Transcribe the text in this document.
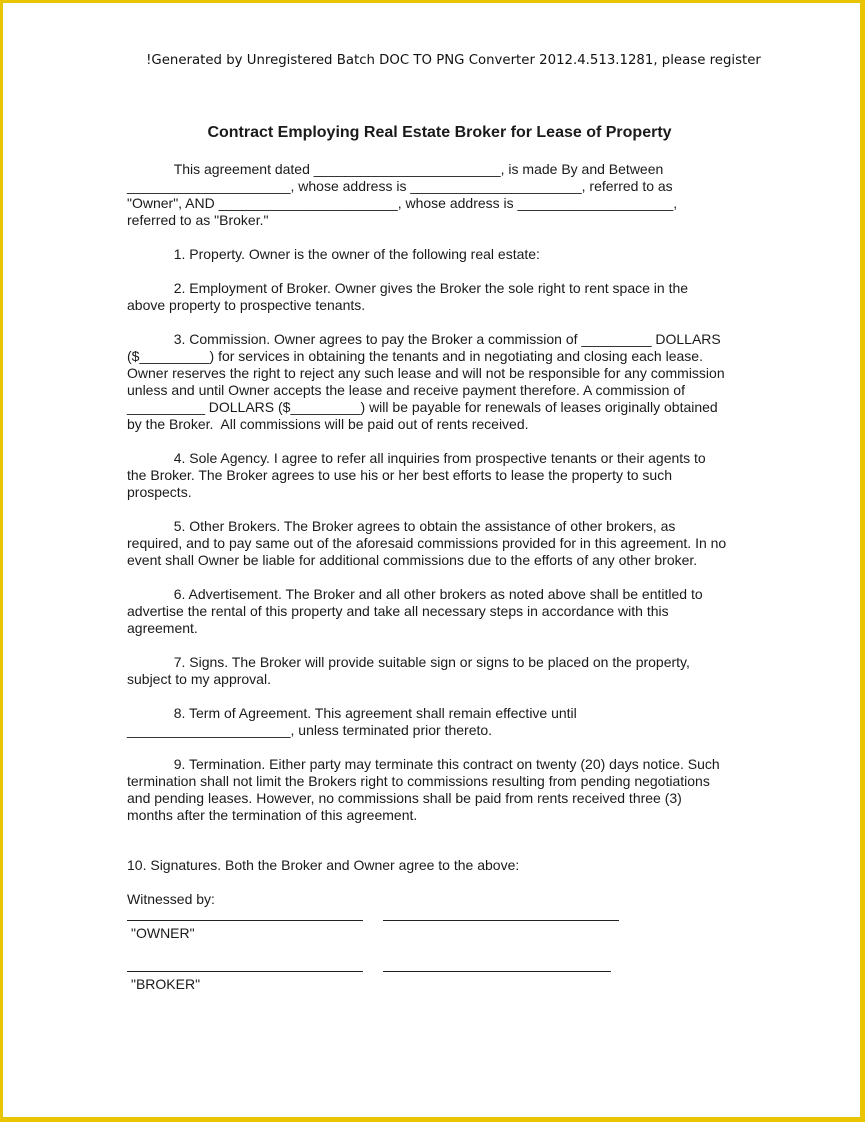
!Generated by Unregistered Batch DOC TO PNG Converter 2012.4.513.1281, please register
Contract Employing Real Estate Broker for Lease of Property

This agreement dated ________________________, is made By and Between

_____________________, whose address is ______________________, referred to as

"Owner", AND _______________________, whose address is ____________________,

referred to as "Broker."

1. Property. Owner is the owner of the following real estate:

2. Employment of Broker. Owner gives the Broker the sole right to rent space in the

above property to prospective tenants.

3. Commission. Owner agrees to pay the Broker a commission of _________ DOLLARS

($_________) for services in obtaining the tenants and in negotiating and closing each lease.

Owner reserves the right to reject any such lease and will not be responsible for any commission

unless and until Owner accepts the lease and receive payment therefore. A commission of

__________ DOLLARS ($_________) will be payable for renewals of leases originally obtained

by the Broker.  All commissions will be paid out of rents received.

4. Sole Agency. I agree to refer all inquiries from prospective tenants or their agents to

the Broker. The Broker agrees to use his or her best efforts to lease the property to such

prospects.

5. Other Brokers. The Broker agrees to obtain the assistance of other brokers, as

required, and to pay same out of the aforesaid commissions provided for in this agreement. In no

event shall Owner be liable for additional commissions due to the efforts of any other broker.

6. Advertisement. The Broker and all other brokers as noted above shall be entitled to

advertise the rental of this property and take all necessary steps in accordance with this

agreement.

7. Signs. The Broker will provide suitable sign or signs to be placed on the property,

subject to my approval.

8. Term of Agreement. This agreement shall remain effective until

_____________________, unless terminated prior thereto.

9. Termination. Either party may terminate this contract on twenty (20) days notice. Such

termination shall not limit the Brokers right to commissions resulting from pending negotiations

and pending leases. However, no commissions shall be paid from rents received three (3)

months after the termination of this agreement.

10. Signatures. Both the Broker and Owner agree to the above:

Witnessed by:

"OWNER"

"BROKER"
